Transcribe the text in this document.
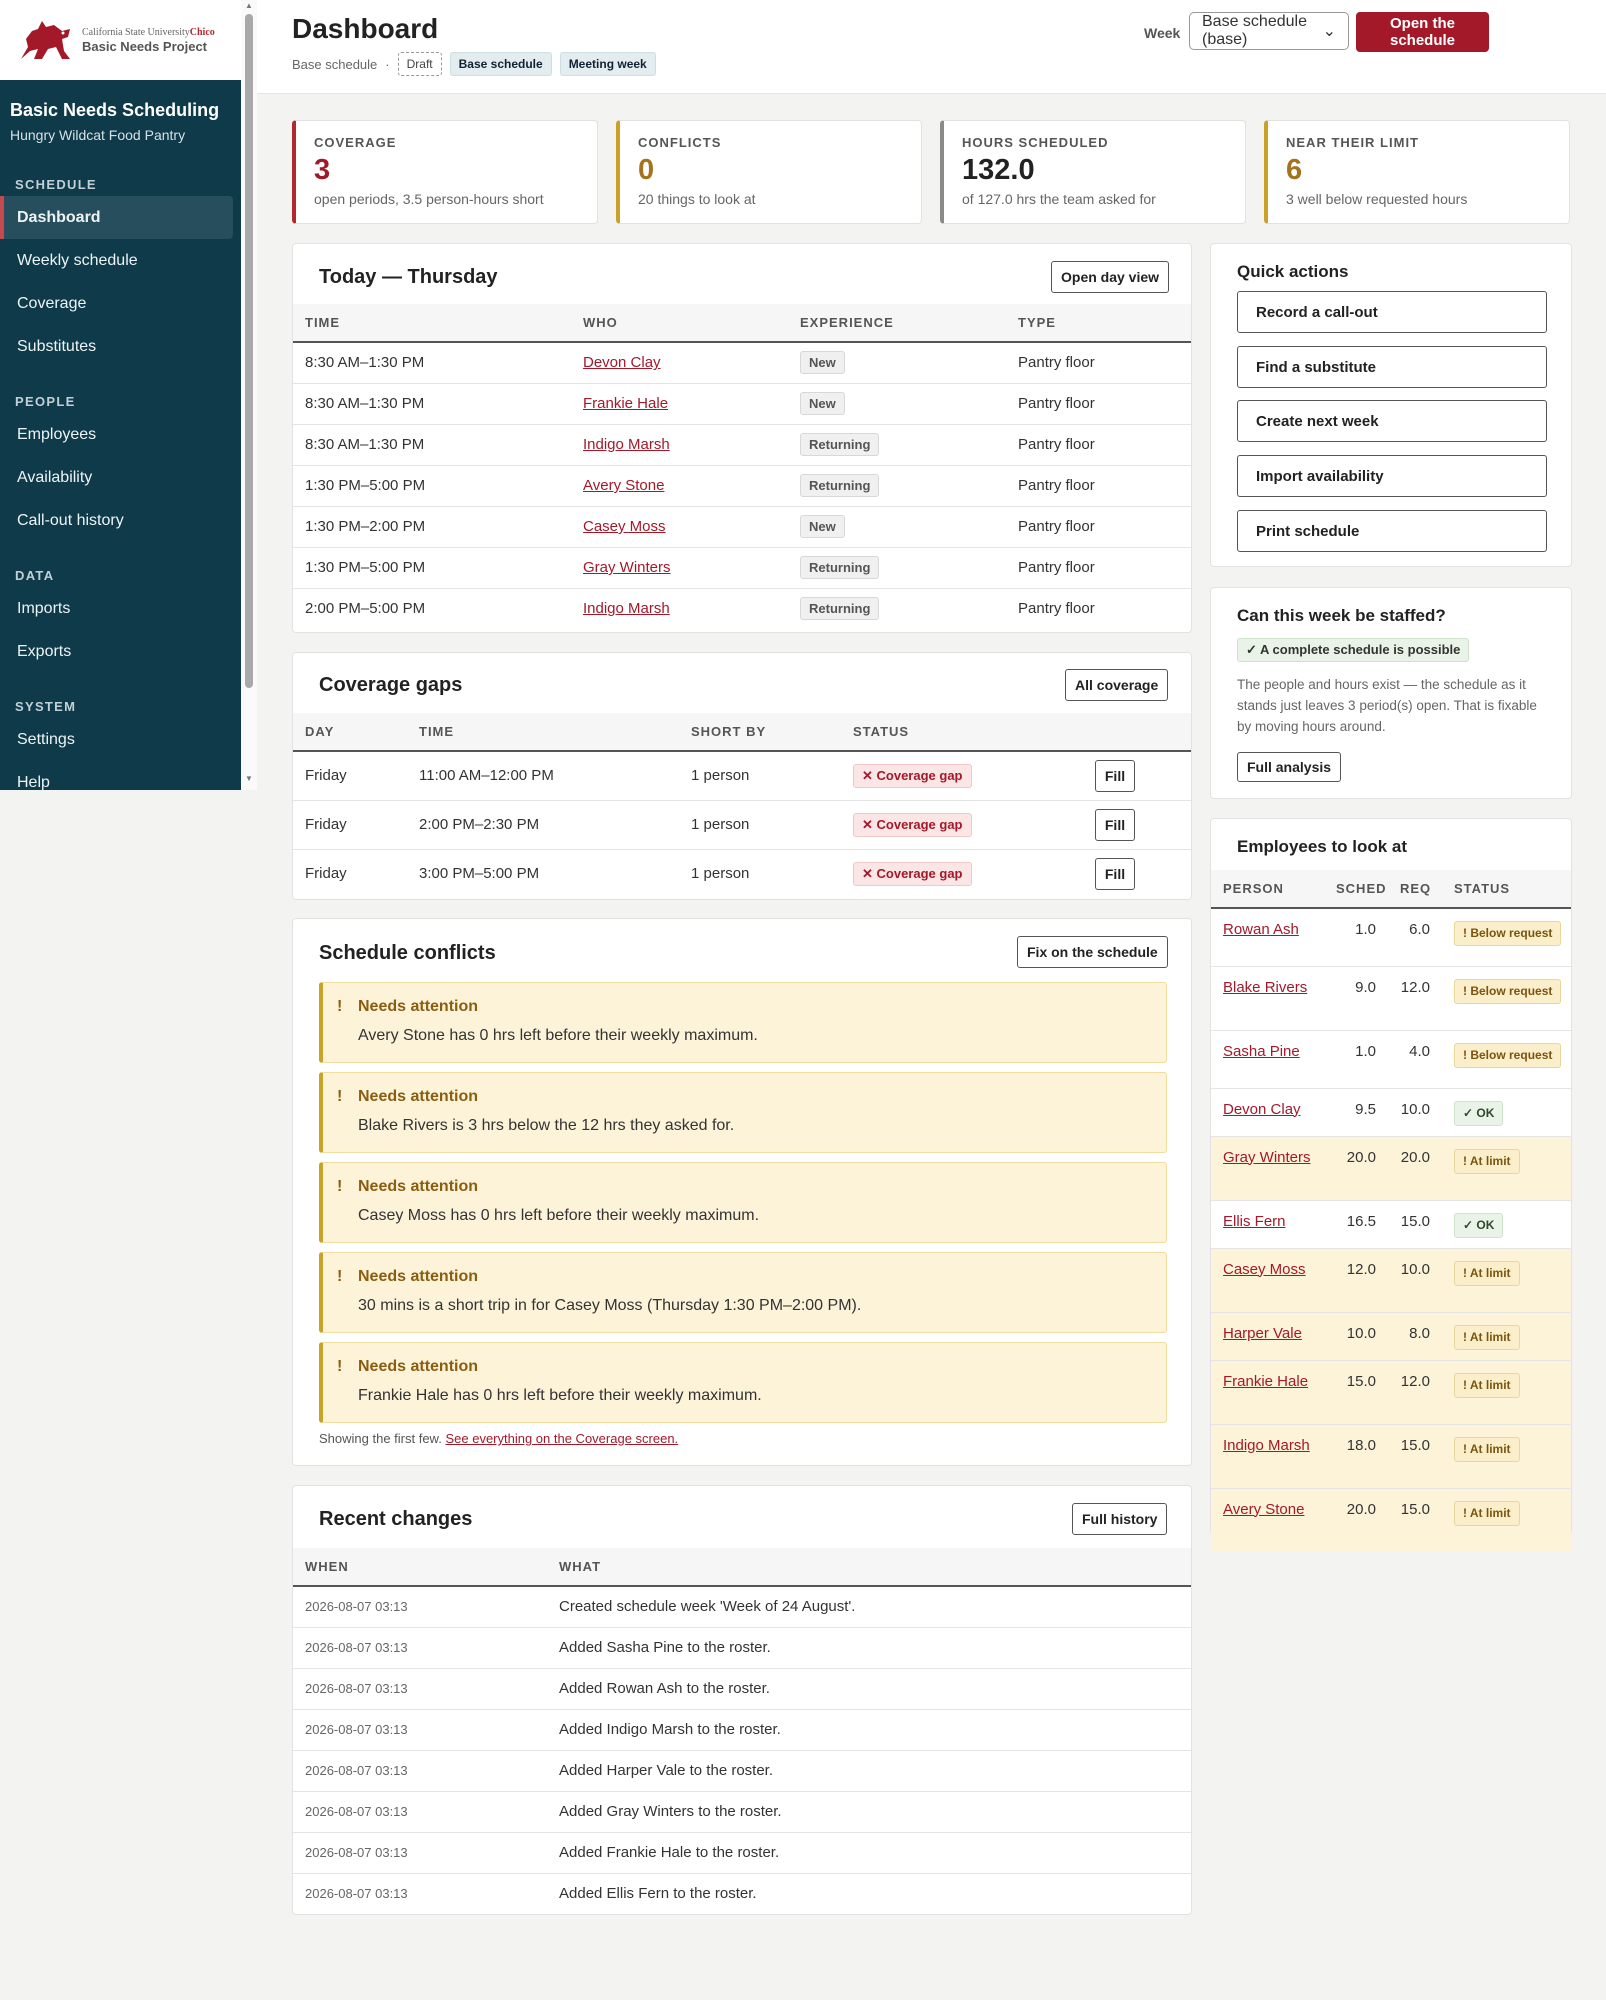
California State UniversityChico
Basic Needs Project
Basic Needs Scheduling
Hungry Wildcat Food Pantry
SCHEDULE
Dashboard
Weekly schedule
Coverage
Substitutes
PEOPLE
Employees
Availability
Call-out history
DATA
Imports
Exports
SYSTEM
Settings
Help
▲
▼
Dashboard
Base schedule ·	Draft	Base schedule	Meeting week
Week
Base schedule (base)	⌄	Open the schedule
COVERAGE
3
open periods, 3.5 person-hours short
CONFLICTS
0
20 things to look at
HOURS SCHEDULED
132.0
of 127.0 hrs the team asked for
NEAR THEIR LIMIT
6
3 well below requested hours
Today — Thursday	Open day view
TIME	WHO	EXPERIENCE	TYPE
8:30 AM–1:30 PM	Devon Clay	New	Pantry floor
8:30 AM–1:30 PM	Frankie Hale	New	Pantry floor
8:30 AM–1:30 PM	Indigo Marsh	Returning	Pantry floor
1:30 PM–5:00 PM	Avery Stone	Returning	Pantry floor
1:30 PM–2:00 PM	Casey Moss	New	Pantry floor
1:30 PM–5:00 PM	Gray Winters	Returning	Pantry floor
2:00 PM–5:00 PM	Indigo Marsh	Returning	Pantry floor
Coverage gaps	All coverage
DAY	TIME	SHORT BY	STATUS	
Friday	11:00 AM–12:00 PM	1 person	✕ Coverage gap	Fill
Friday	2:00 PM–2:30 PM	1 person	✕ Coverage gap	Fill
Friday	3:00 PM–5:00 PM	1 person	✕ Coverage gap	Fill
Schedule conflicts	Fix on the schedule
! Needs attention
Avery Stone has 0 hrs left before their weekly maximum.
! Needs attention
Blake Rivers is 3 hrs below the 12 hrs they asked for.
! Needs attention
Casey Moss has 0 hrs left before their weekly maximum.
! Needs attention
30 mins is a short trip in for Casey Moss (Thursday 1:30 PM–2:00 PM).
! Needs attention
Frankie Hale has 0 hrs left before their weekly maximum.
Showing the first few. See everything on the Coverage screen.
Recent changes	Full history
WHEN	WHAT
2026-08-07 03:13	Created schedule week 'Week of 24 August'.
2026-08-07 03:13	Added Sasha Pine to the roster.
2026-08-07 03:13	Added Rowan Ash to the roster.
2026-08-07 03:13	Added Indigo Marsh to the roster.
2026-08-07 03:13	Added Harper Vale to the roster.
2026-08-07 03:13	Added Gray Winters to the roster.
2026-08-07 03:13	Added Frankie Hale to the roster.
2026-08-07 03:13	Added Ellis Fern to the roster.
Quick actions
Record a call-out
Find a substitute
Create next week
Import availability
Print schedule
Can this week be staffed?
✓ A complete schedule is possible
The people and hours exist — the schedule as it stands just leaves 3 period(s) open. That is fixable by moving hours around.
Full analysis
Employees to look at
PERSON	SCHED	REQ	STATUS
Rowan Ash	1.0	6.0	! Below request
Blake Rivers	9.0	12.0	! Below request
Sasha Pine	1.0	4.0	! Below request
Devon Clay	9.5	10.0	✓ OK
Gray Winters	20.0	20.0	! At limit
Ellis Fern	16.5	15.0	✓ OK
Casey Moss	12.0	10.0	! At limit
Harper Vale	10.0	8.0	! At limit
Frankie Hale	15.0	12.0	! At limit
Indigo Marsh	18.0	15.0	! At limit
Avery Stone	20.0	15.0	! At limit
